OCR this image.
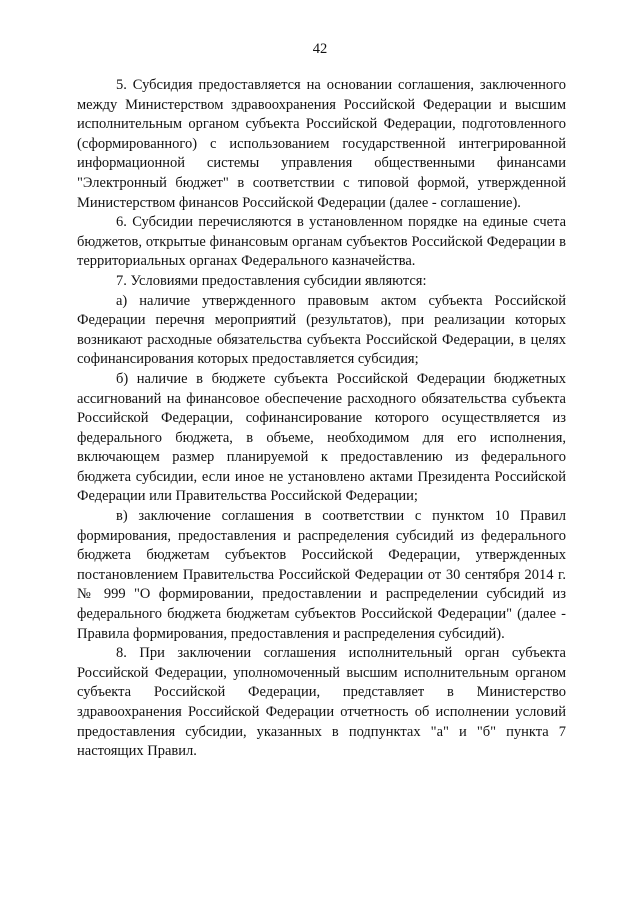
42

5. Субсидия предоставляется на основании соглашения, заключенного между Министерством здравоохранения Российской Федерации и высшим исполнительным органом субъекта Российской Федерации, подготовленного (сформированного) с использованием государственной интегрированной информационной системы управления общественными финансами "Электронный бюджет" в соответствии с типовой формой, утвержденной Министерством финансов Российской Федерации (далее - соглашение).

6. Субсидии перечисляются в установленном порядке на единые счета бюджетов, открытые финансовым органам субъектов Российской Федерации в территориальных органах Федерального казначейства.

7. Условиями предоставления субсидии являются:

а) наличие утвержденного правовым актом субъекта Российской Федерации перечня мероприятий (результатов), при реализации которых возникают расходные обязательства субъекта Российской Федерации, в целях софинансирования которых предоставляется субсидия;

б) наличие в бюджете субъекта Российской Федерации бюджетных ассигнований на финансовое обеспечение расходного обязательства субъекта Российской Федерации, софинансирование которого осуществляется из федерального бюджета, в объеме, необходимом для его исполнения, включающем размер планируемой к предоставлению из федерального бюджета субсидии, если иное не установлено актами Президента Российской Федерации или Правительства Российской Федерации;

в) заключение соглашения в соответствии с пунктом 10 Правил формирования, предоставления и распределения субсидий из федерального бюджета бюджетам субъектов Российской Федерации, утвержденных постановлением Правительства Российской Федерации от 30 сентября 2014 г. № 999 "О формировании, предоставлении и распределении субсидий из федерального бюджета бюджетам субъектов Российской Федерации" (далее - Правила формирования, предоставления и распределения субсидий).

8. При заключении соглашения исполнительный орган субъекта Российской Федерации, уполномоченный высшим исполнительным органом субъекта Российской Федерации, представляет в Министерство здравоохранения Российской Федерации отчетность об исполнении условий предоставления субсидии, указанных в подпунктах "а" и "б" пункта 7 настоящих Правил.
